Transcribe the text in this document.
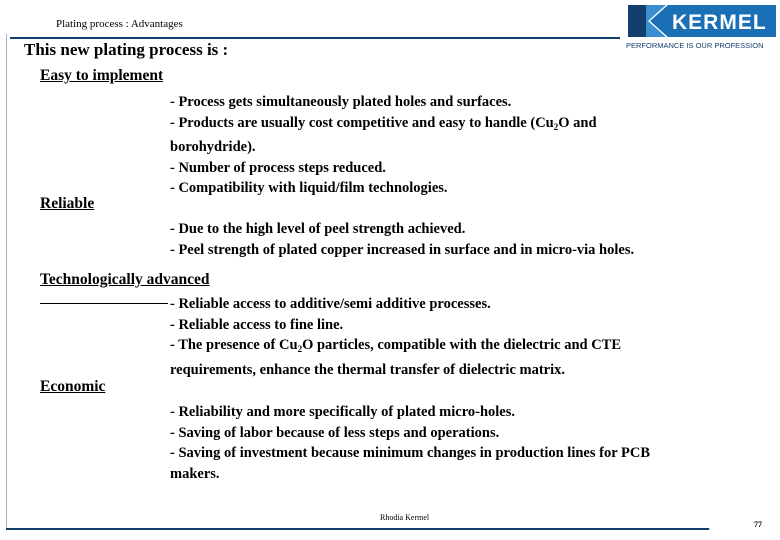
Plating process : Advantages	KERMEL
PERFORMANCE IS OUR PROFESSION
This new plating process is :
Easy to implement
- Process gets simultaneously plated holes and surfaces.
- Products are usually cost competitive and easy to handle ($Cu_2O$ and
borohydride).
- Number of process steps reduced.
- Compatibility with liquid/film technologies.
Reliable
- Due to the high level of peel strength achieved.
- Peel strength of plated copper increased in surface and in micro-via holes.
Technologically advanced
- Reliable access to additive/semi additive processes.
- Reliable access to fine line.
- The presence of $Cu_2O$ particles, compatible with the dielectric and CTE
requirements, enhance the thermal transfer of dielectric matrix.
Economic
- Reliability and more specifically of plated micro-holes.
- Saving of labor because of less steps and operations.
- Saving of investment because minimum changes in production lines for PCB
makers.
Rhodia Kermel
77
